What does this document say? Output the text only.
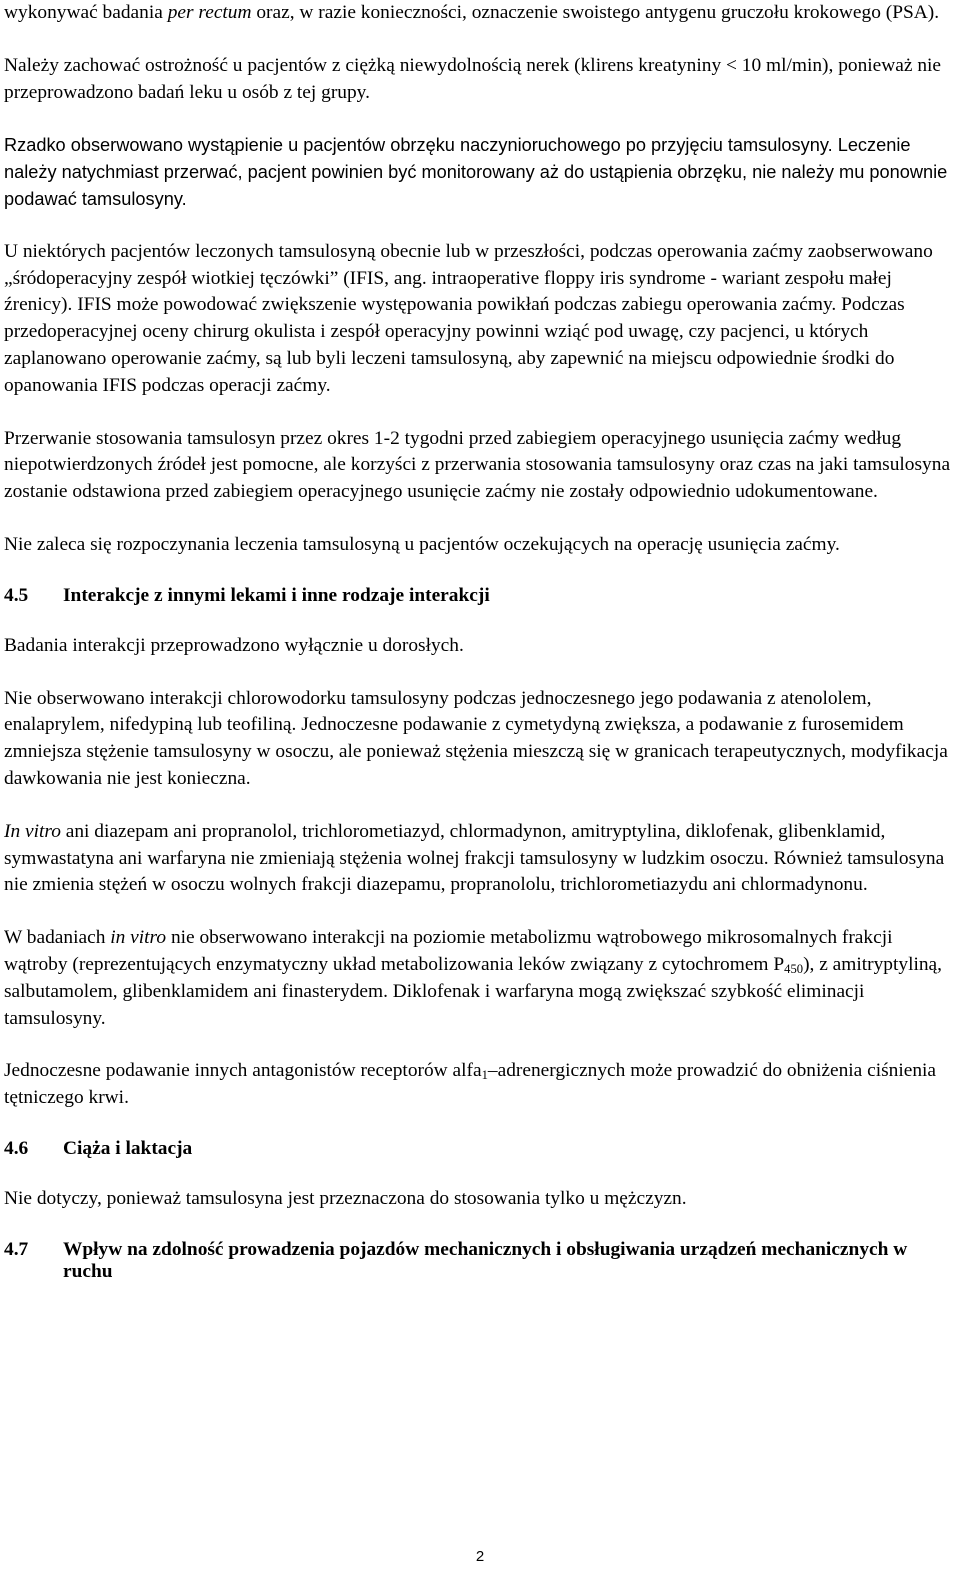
wykonywać badania per rectum oraz, w razie konieczności, oznaczenie swoistego antygenu gruczołu krokowego (PSA).

Należy zachować ostrożność u pacjentów z ciężką niewydolnością nerek (klirens kreatyniny < 10 ml/min), ponieważ nie przeprowadzono badań leku u osób z tej grupy.

Rzadko obserwowano wystąpienie u pacjentów obrzęku naczynioruchowego po przyjęciu tamsulosyny. Leczenie należy natychmiast przerwać, pacjent powinien być monitorowany aż do ustąpienia obrzęku, nie należy mu ponownie podawać tamsulosyny.

U niektórych pacjentów leczonych tamsulosyną obecnie lub w przeszłości, podczas operowania zaćmy zaobserwowano „śródoperacyjny zespół wiotkiej tęczówki” (IFIS, ang. intraoperative floppy iris syndrome - wariant zespołu małej źrenicy). IFIS może powodować zwiększenie występowania powikłań podczas zabiegu operowania zaćmy. Podczas przedoperacyjnej oceny chirurg okulista i zespół operacyjny powinni wziąć pod uwagę, czy pacjenci, u których zaplanowano operowanie zaćmy, są lub byli leczeni tamsulosyną, aby zapewnić na miejscu odpowiednie środki do opanowania IFIS podczas operacji zaćmy.

Przerwanie stosowania tamsulosyn przez okres 1-2 tygodni przed zabiegiem operacyjnego usunięcia zaćmy według niepotwierdzonych źródeł jest pomocne, ale korzyści z przerwania stosowania tamsulosyny oraz czas na jaki tamsulosyna zostanie odstawiona przed zabiegiem operacyjnego usunięcie zaćmy nie zostały odpowiednio udokumentowane.

Nie zaleca się rozpoczynania leczenia tamsulosyną u pacjentów oczekujących na operację usunięcia zaćmy.

4.5	Interakcje z innymi lekami i inne rodzaje interakcji

Badania interakcji przeprowadzono wyłącznie u dorosłych.

Nie obserwowano interakcji chlorowodorku tamsulosyny podczas jednoczesnego jego podawania z atenololem, enalaprylem, nifedypiną lub teofiliną. Jednoczesne podawanie z cymetydyną zwiększa, a podawanie z furosemidem zmniejsza stężenie tamsulosyny w osoczu, ale ponieważ stężenia mieszczą się w granicach terapeutycznych, modyfikacja dawkowania nie jest konieczna.

In vitro ani diazepam ani propranolol, trichlorometiazyd, chlormadynon, amitryptylina, diklofenak, glibenklamid, symwastatyna ani warfaryna nie zmieniają stężenia wolnej frakcji tamsulosyny w ludzkim osoczu. Również tamsulosyna nie zmienia stężeń w osoczu wolnych frakcji diazepamu, propranololu, trichlorometiazydu ani chlormadynonu.

W badaniach in vitro nie obserwowano interakcji na poziomie metabolizmu wątrobowego mikrosomalnych frakcji wątroby (reprezentujących enzymatyczny układ metabolizowania leków związany z cytochromem $P_{450}$), z amitryptyliną, salbutamolem, glibenklamidem ani finasterydem. Diklofenak i warfaryna mogą zwiększać szybkość eliminacji tamsulosyny.

Jednoczesne podawanie innych antagonistów receptorów alfa$_1$–adrenergicznych może prowadzić do obniżenia ciśnienia tętniczego krwi.

4.6	Ciąża i laktacja

Nie dotyczy, ponieważ tamsulosyna jest przeznaczona do stosowania tylko u mężczyzn.

4.7	Wpływ na zdolność prowadzenia pojazdów mechanicznych i obsługiwania urządzeń mechanicznych w ruchu
2
